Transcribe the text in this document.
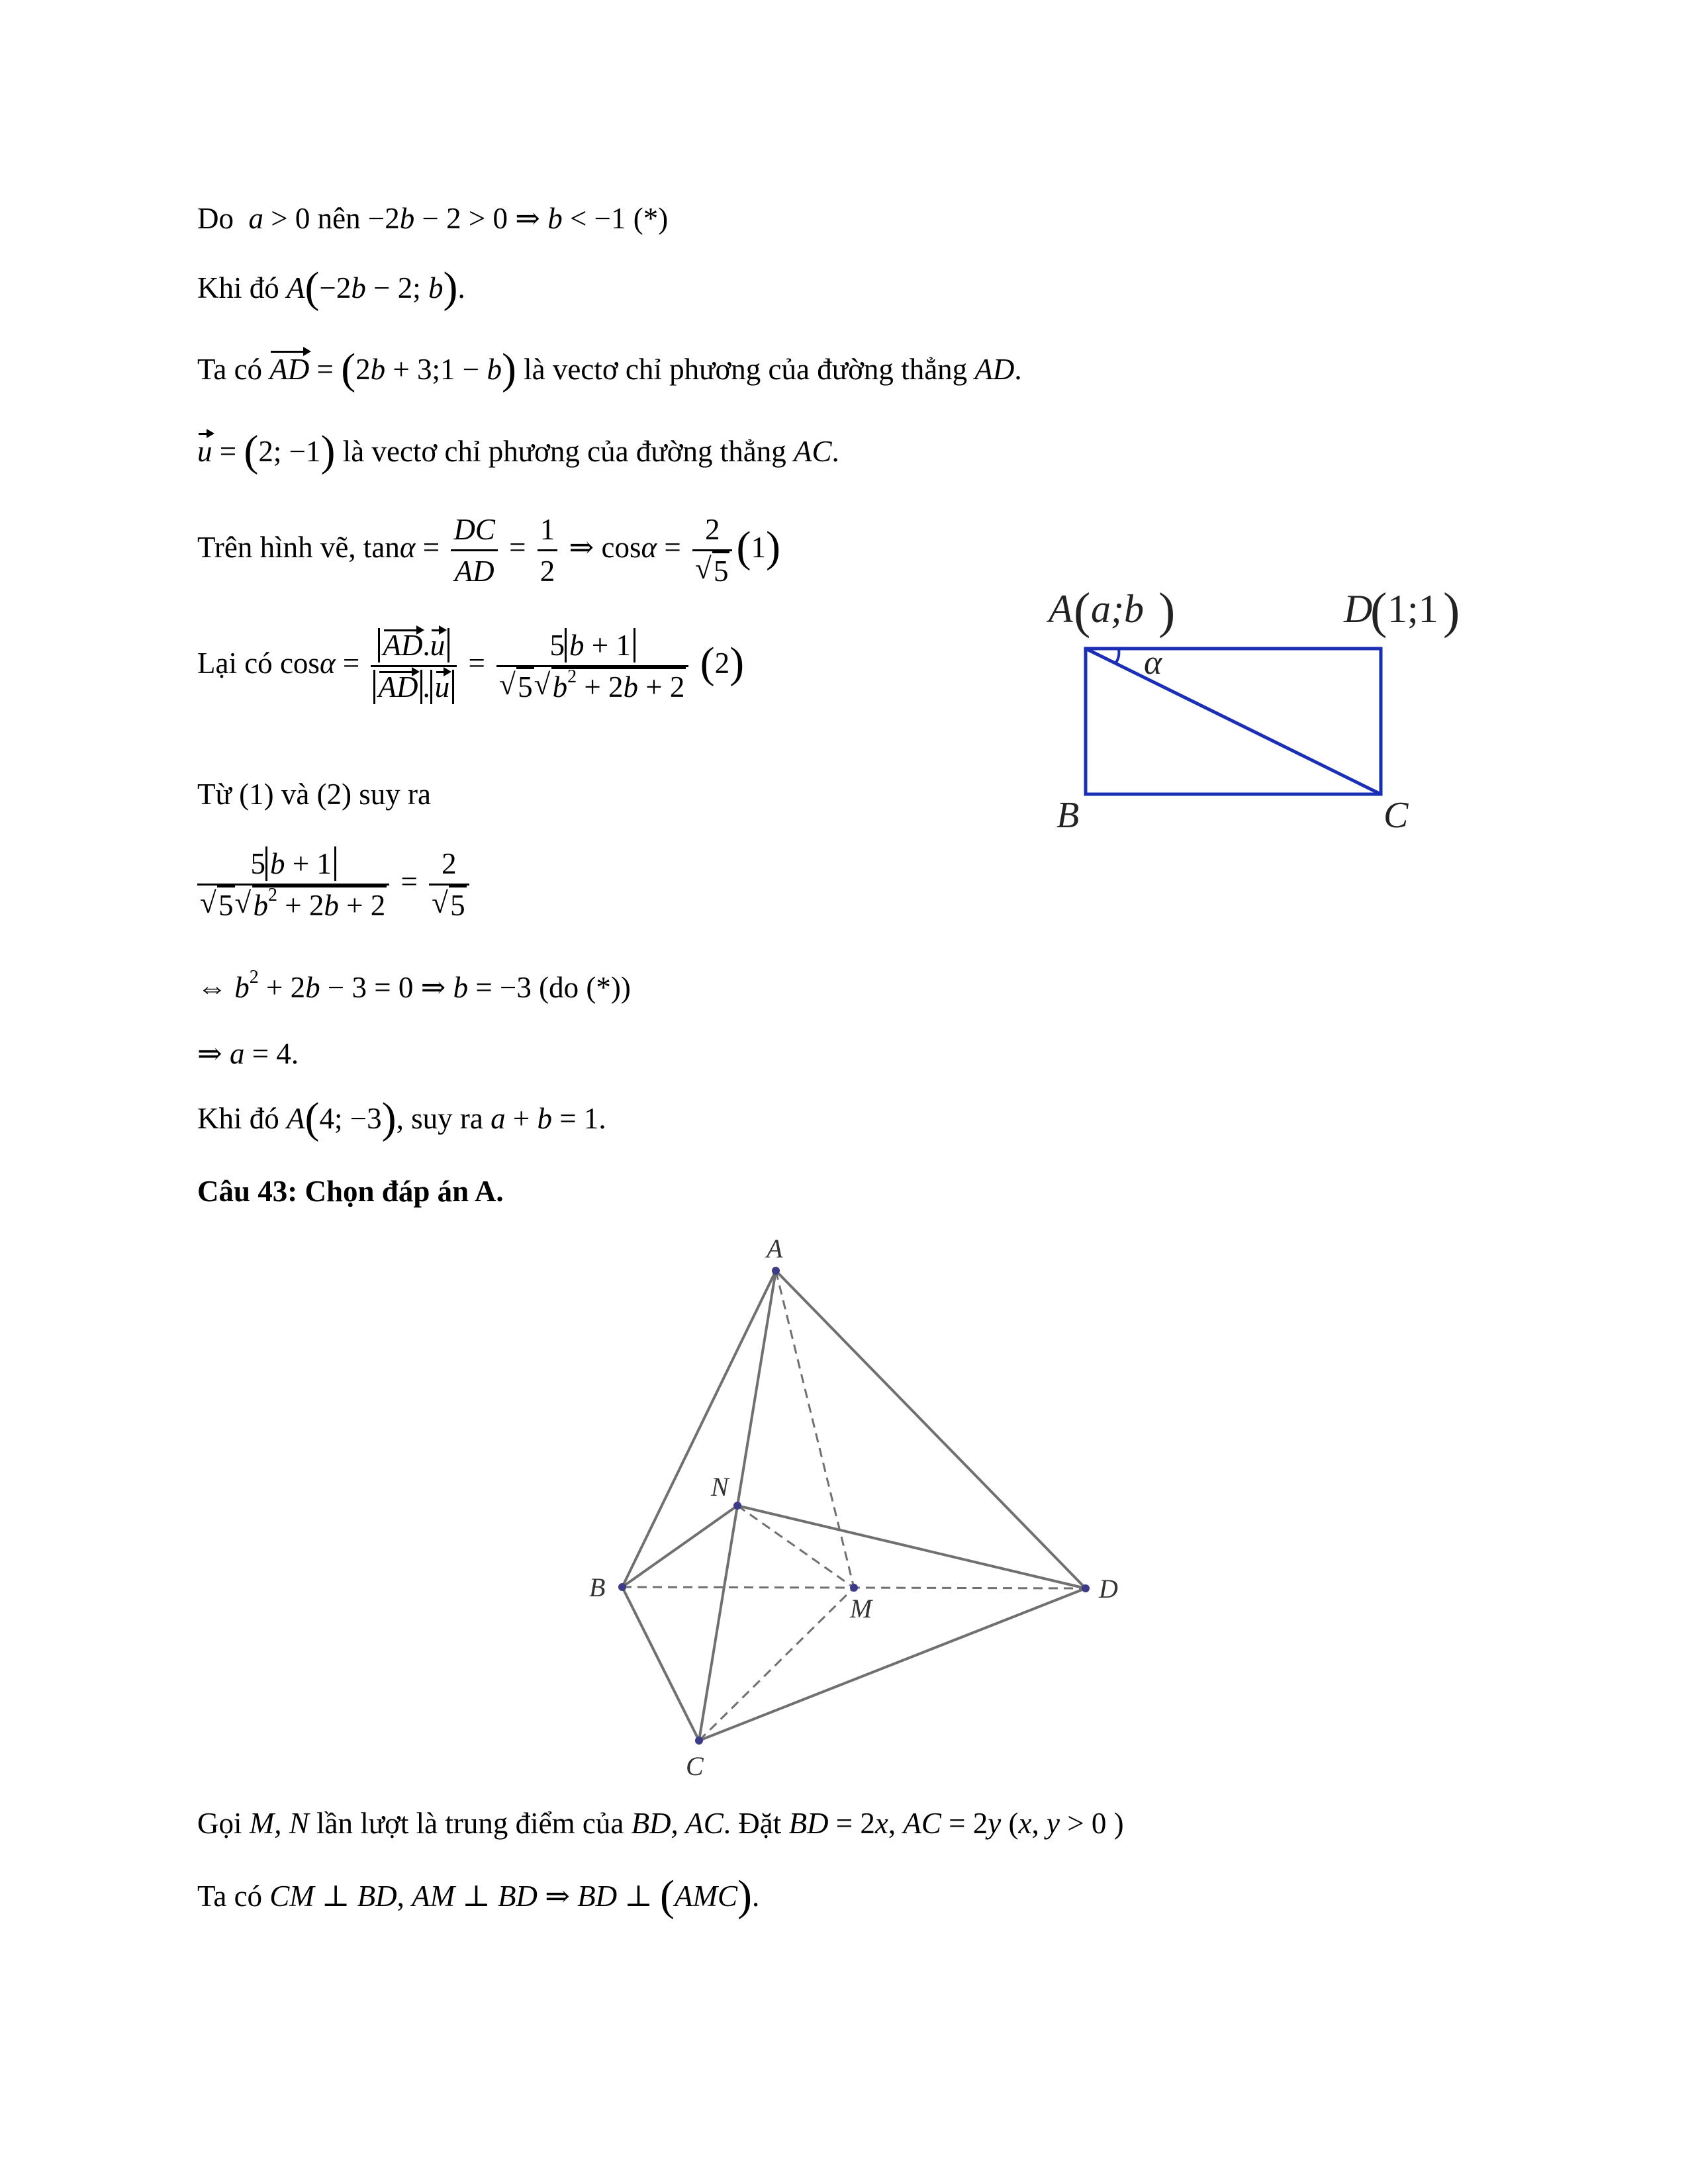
Do a > 0 nên −2b − 2 > 0 ⇒ b < −1 (*)
Khi đó A(−2b − 2; b).
Ta có AD = (2b + 3;1 − b) là vectơ chỉ phương của đường thẳng AD.
u = (2; −1) là vectơ chỉ phương của đường thẳng AC.
Trên hình vẽ, $\tan\alpha = \frac{DC}{AD} = \frac{1}{2}$ ⇒ cosα = 2
√ 5 (1)
Lại có $\cos\alpha = \frac{AD.u}{AD . u} = 5$ b + 1
√ 5 √ $b^2 + 2b + 2$ (2)
Từ (1) và (2) suy ra
5 b + 1
√ 5 √ $b^2 + 2b + 2 = 2$
√ 5
⇔ $b^2 + 2b - 3 = 0$ ⇒ b = −3 (do (*))
⇒ a = 4.
Khi đó A(4; −3), suy ra a + b = 1.
Câu 43: Chọn đáp án A.
Gọi M, N lần lượt là trung điểm của BD, AC. Đặt BD = 2x, AC = 2y (x, y > 0 )
Ta có CM ⊥ BD, AM ⊥ BD ⇒ BD ⊥ (AMC).
A ( a;b )	D
( 1;1 )
α
B	C
A
B
C
D
M
N
